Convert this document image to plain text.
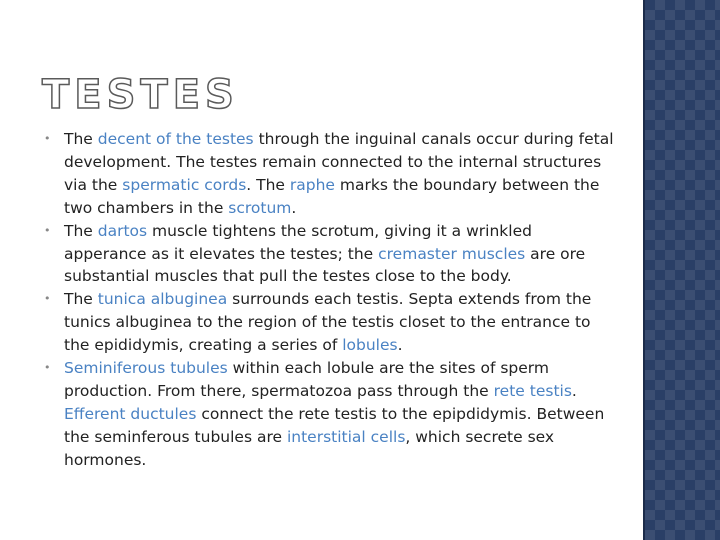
TESTES
• The decent of the testes through the inguinal canals occur during fetal development. The testes remain connected to the internal structures via the spermatic cords. The raphe marks the boundary between the two chambers in the scrotum.
• The dartos muscle tightens the scrotum, giving it a wrinkled apperance as it elevates the testes; the cremaster muscles are ore substantial muscles that pull the testes close to the body.
• The tunica albuginea surrounds each testis. Septa extends from the tunics albuginea to the region of the testis closet to the entrance to the epididymis, creating a series of lobules.
• Seminiferous tubules within each lobule are the sites of sperm production. From there, spermatozoa pass through the rete testis. Efferent ductules connect the rete testis to the epipdidymis. Between the seminferous tubules are interstitial cells, which secrete sex hormones.
